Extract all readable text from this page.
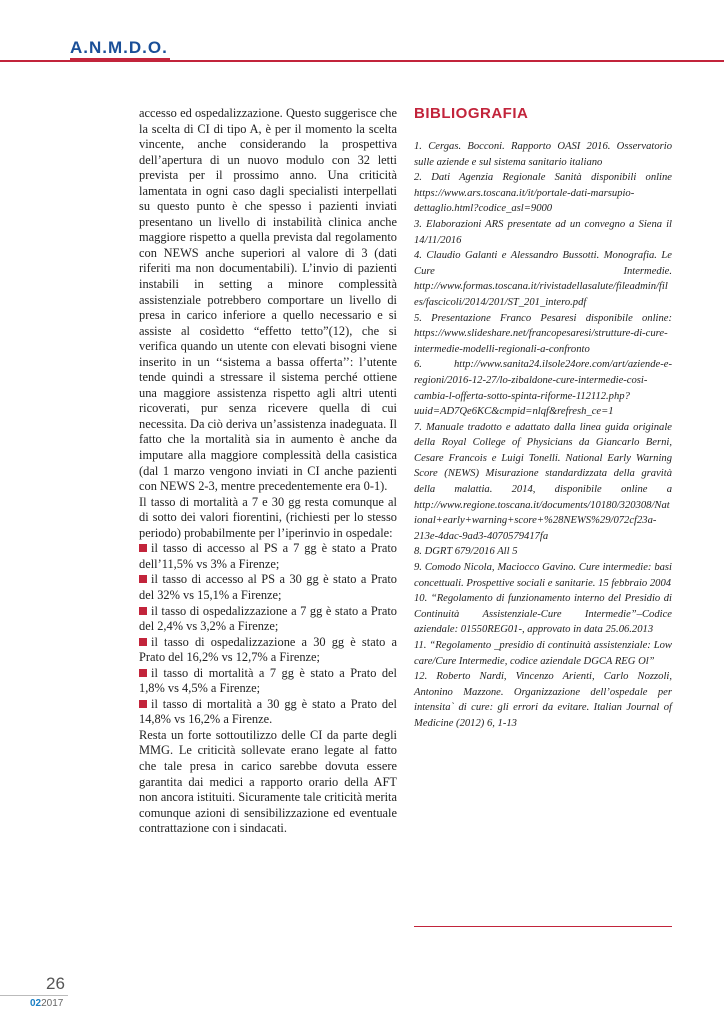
A.N.M.D.O.

accesso ed ospedalizzazione. Questo suggerisce che la scelta di CI di tipo A, è per il momento la scelta vincente, anche considerando la prospettiva dell’apertura di un nuovo modulo con 32 letti prevista per il prossimo anno. Una criticità lamentata in ogni caso dagli specialisti interpellati su questo punto è che spesso i pazienti inviati presentano un livello di instabilità clinica anche maggiore rispetto a quella prevista dal regolamento con NEWS anche superiori al valore di 3 (dati riferiti ma non documentabili). L’invio di pazienti instabili in setting a minore complessità assistenziale potrebbero comportare un livello di presa in carico inferiore a quello necessario e si assiste al cosìdetto “effetto tetto”(12), che si verifica quando un utente con elevati bisogni viene inserito in un ‘‘sistema a bassa offerta’’: l’utente tende quindi a stressare il sistema perché ottiene una maggiore assistenza rispetto agli altri utenti ricoverati, pur senza ricevere quella di cui necessita. Da ciò deriva un’assistenza inadeguata. Il fatto che la mortalità sia in aumento è anche da imputare alla maggiore complessità della casistica (dal 1 marzo vengono inviati in CI anche pazienti con NEWS 2-3, mentre precedentemente era 0-1).

Il tasso di mortalità a 7 e 30 gg resta comunque al di sotto dei valori fiorentini, (richiesti per lo stesso periodo) probabilmente per l’iperinvio in ospedale:

il tasso di accesso al PS a 7 gg è stato a Prato dell’11,5% vs 3% a Firenze;
il tasso di accesso al PS a 30 gg è stato a Prato del 32% vs 15,1% a Firenze;
il tasso di ospedalizzazione a 7 gg è stato a Prato del 2,4% vs 3,2% a Firenze;
il tasso di ospedalizzazione a 30 gg è stato a Prato del 16,2% vs 12,7% a Firenze;
il tasso di mortalità a 7 gg è stato a Prato del 1,8% vs 4,5% a Firenze;
il tasso di mortalità a 30 gg è stato a Prato del 14,8% vs 16,2% a Firenze.

Resta un forte sottoutilizzo delle CI da parte degli MMG. Le criticità sollevate erano legate al fatto che tale presa in carico sarebbe dovuta essere garantita dai medici a rapporto orario della AFT non ancora istituiti. Sicuramente tale criticità merita comunque azioni di sensibilizzazione ed eventuale contrattazione con i sindacati.

BIBLIOGRAFIA
1. Cergas. Bocconi. Rapporto OASI 2016. Osservatorio sulle aziende e sul sistema sanitario italiano
2. Dati Agenzia Regionale Sanità disponibili online https://www.ars.toscana.it/it/portale-dati-marsupio-dettaglio.html?codice_asl=9000
3. Elaborazioni ARS presentate ad un convegno a Siena il 14/11/2016
4. Claudio Galanti e Alessandro Bussotti. Monografia. Le Cure Intermedie. http://www.formas.toscana.it/rivistadellasalute/fileadmin/files/fascicoli/2014/201/ST_201_intero.pdf
5. Presentazione Franco Pesaresi disponibile online: https://www.slideshare.net/francopesaresi/strutture-di-cure-intermedie-modelli-regionali-a-confronto
6. http://www.sanita24.ilsole24ore.com/art/aziende-e-regioni/2016-12-27/lo-zibaldone-cure-intermedie-cosi-cambia-l-offerta-sotto-spinta-riforme-112112.php?uuid=AD7Qe6KC&cmpid=nlqf&refresh_ce=1
7. Manuale tradotto e adattato dalla linea guida originale della Royal College of Physicians da Giancarlo Berni, Cesare Francois e Luigi Tonelli. National Early Warning Score (NEWS) Misurazione standardizzata della gravità della malattia. 2014, disponibile online a http://www.regione.toscana.it/documents/10180/320308/National+early+warning+score+%28NEWS%29/072cf23a-213e-4dac-9ad3-4070579417fa
8. DGRT 679/2016 All 5
9. Comodo Nicola, Maciocco Gavino. Cure intermedie: basi concettuali. Prospettive sociali e sanitarie. 15 febbraio 2004
10. “Regolamento di funzionamento interno del Presidio di Continuità Assistenziale-Cure Intermedie”–Codice aziendale: 01550REG01-, approvato in data 25.06.2013
11. “Regolamento _presidio di continuità assistenziale: Low care/Cure Intermedie, codice aziendale DGCA REG Ol”
12. Roberto Nardi, Vincenzo Arienti, Carlo Nozzoli, Antonino Mazzone. Organizzazione dell’ospedale per intensita` di cure: gli errori da evitare. Italian Journal of Medicine (2012) 6, 1-13
26
022017
